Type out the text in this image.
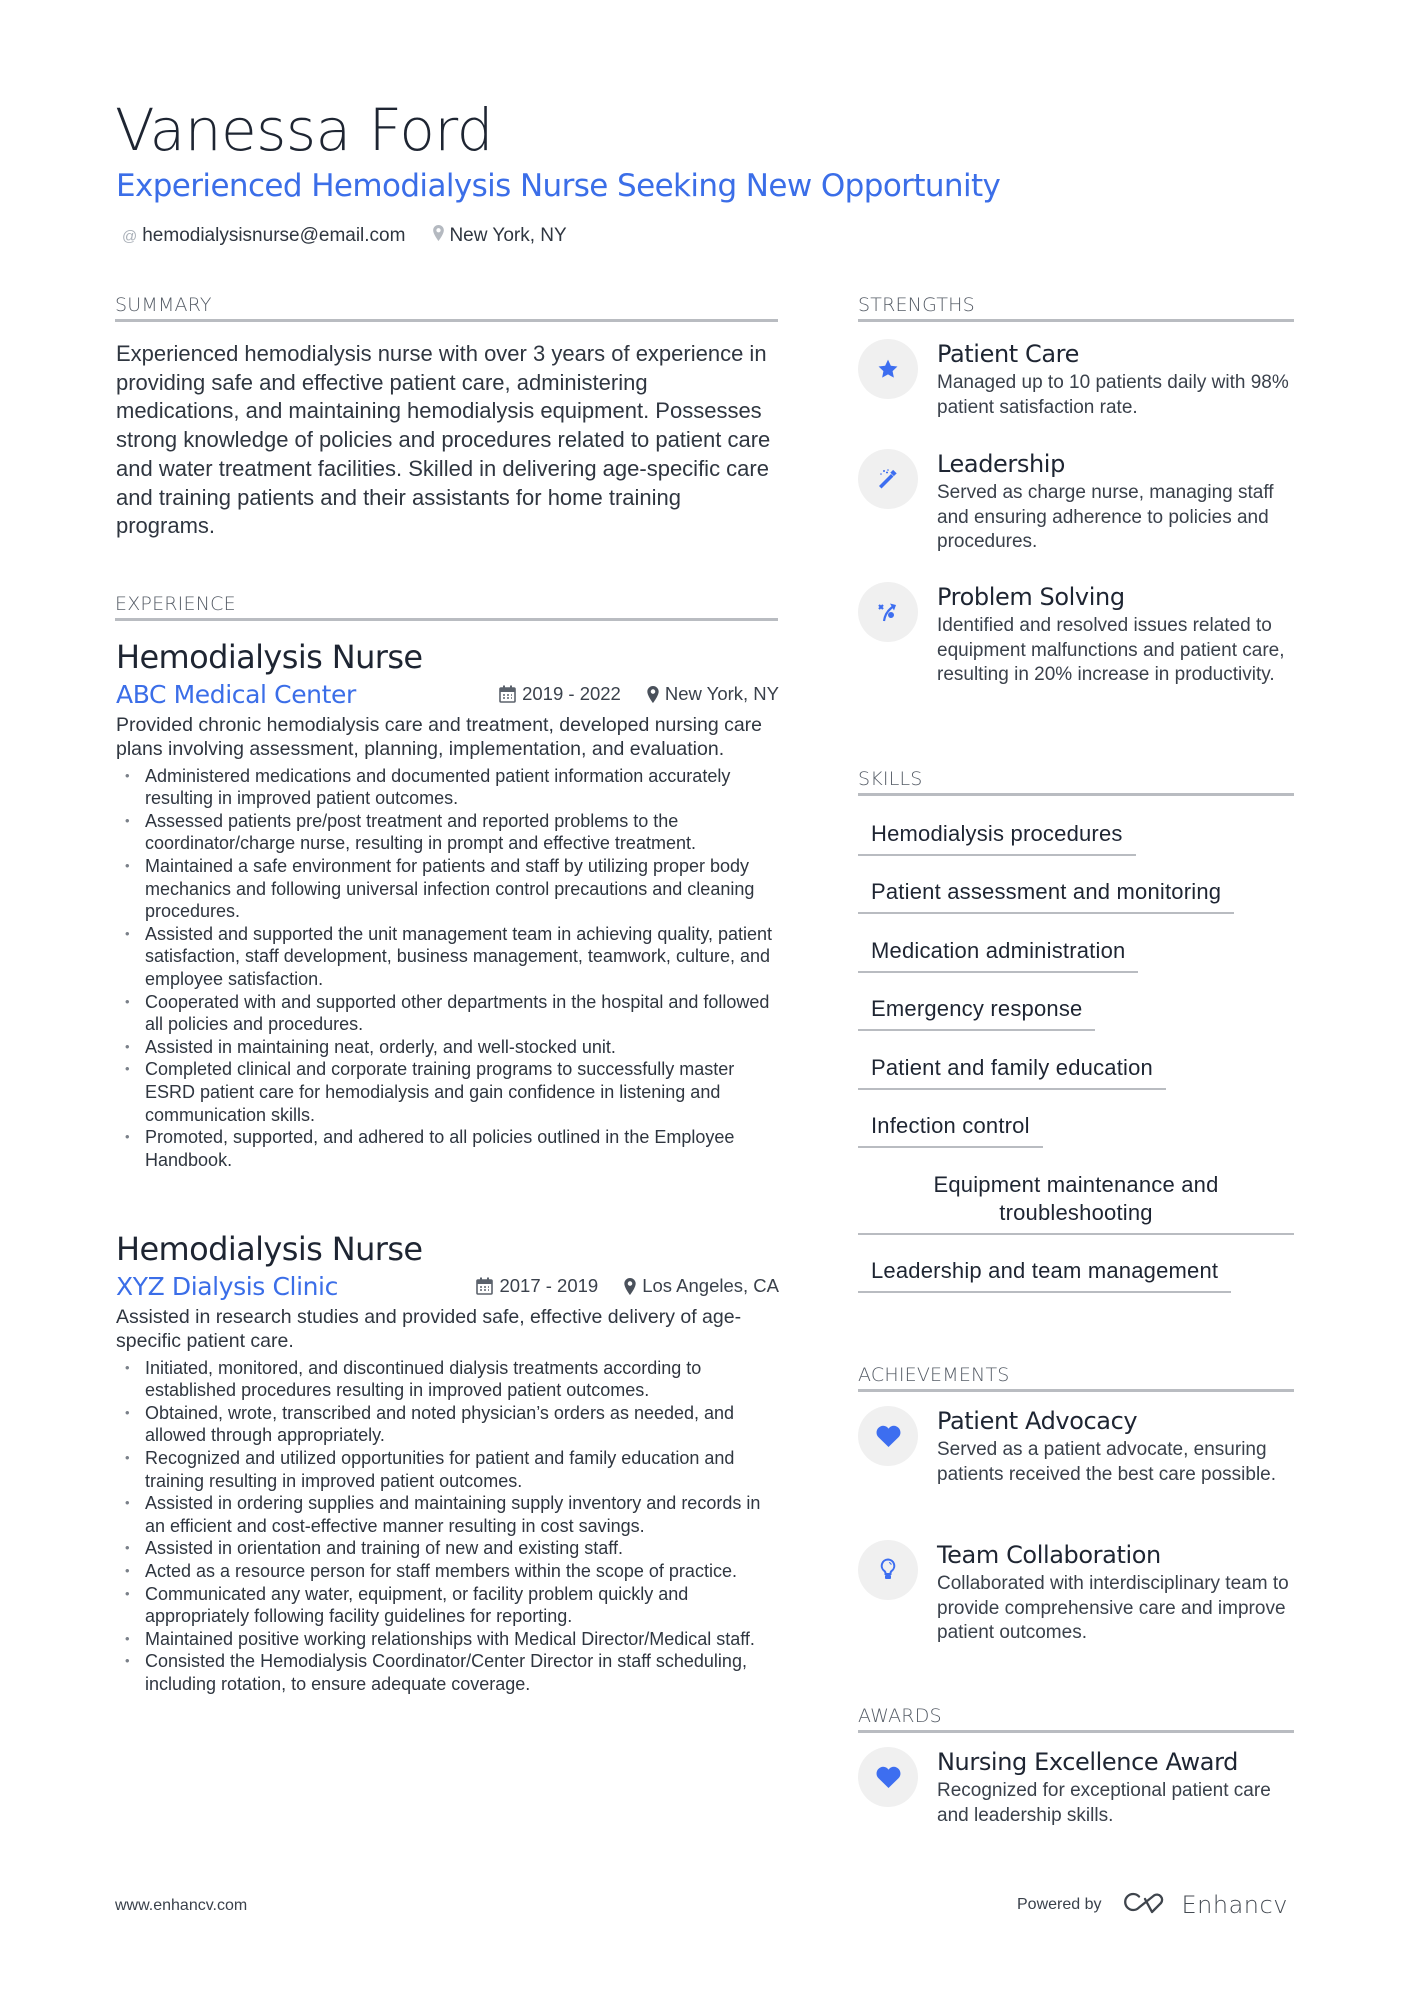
Vanessa Ford
Experienced Hemodialysis Nurse Seeking New Opportunity
@ hemodialysisnurse@email.com New York, NY
SUMMARY
Experienced hemodialysis nurse with over 3 years of experience in providing safe and effective patient care, administering medications, and maintaining hemodialysis equipment. Possesses strong knowledge of policies and procedures related to patient care and water treatment facilities. Skilled in delivering age-specific care and training patients and their assistants for home training programs.
EXPERIENCE
Hemodialysis Nurse
ABC Medical Center	2019 - 2022 New York, NY
Provided chronic hemodialysis care and treatment, developed nursing care plans involving assessment, planning, implementation, and evaluation.
• Administered medications and documented patient information accurately resulting in improved patient outcomes.
• Assessed patients pre/post treatment and reported problems to the coordinator/charge nurse, resulting in prompt and effective treatment.
• Maintained a safe environment for patients and staff by utilizing proper body mechanics and following universal infection control precautions and cleaning procedures.
• Assisted and supported the unit management team in achieving quality, patient satisfaction, staff development, business management, teamwork, culture, and employee satisfaction.
• Cooperated with and supported other departments in the hospital and followed all policies and procedures.
• Assisted in maintaining neat, orderly, and well-stocked unit.
• Completed clinical and corporate training programs to successfully master ESRD patient care for hemodialysis and gain confidence in listening and communication skills.
• Promoted, supported, and adhered to all policies outlined in the Employee Handbook.
Hemodialysis Nurse
XYZ Dialysis Clinic	2017 - 2019 Los Angeles, CA
Assisted in research studies and provided safe, effective delivery of age-specific patient care.
• Initiated, monitored, and discontinued dialysis treatments according to established procedures resulting in improved patient outcomes.
• Obtained, wrote, transcribed and noted physician’s orders as needed, and allowed through appropriately.
• Recognized and utilized opportunities for patient and family education and training resulting in improved patient outcomes.
• Assisted in ordering supplies and maintaining supply inventory and records in an efficient and cost-effective manner resulting in cost savings.
• Assisted in orientation and training of new and existing staff.
• Acted as a resource person for staff members within the scope of practice.
• Communicated any water, equipment, or facility problem quickly and appropriately following facility guidelines for reporting.
• Maintained positive working relationships with Medical Director/Medical staff.
• Consisted the Hemodialysis Coordinator/Center Director in staff scheduling, including rotation, to ensure adequate coverage.
STRENGTHS
Patient Care
Managed up to 10 patients daily with 98% patient satisfaction rate.
Leadership
Served as charge nurse, managing staff and ensuring adherence to policies and procedures.
Problem Solving
Identified and resolved issues related to equipment malfunctions and patient care, resulting in 20% increase in productivity.
SKILLS
Hemodialysis procedures
Patient assessment and monitoring
Medication administration
Emergency response
Patient and family education
Infection control
Equipment maintenance and troubleshooting
Leadership and team management
ACHIEVEMENTS
Patient Advocacy
Served as a patient advocate, ensuring patients received the best care possible.
Team Collaboration
Collaborated with interdisciplinary team to provide comprehensive care and improve patient outcomes.
AWARDS
Nursing Excellence Award
Recognized for exceptional patient care and leadership skills.
www.enhancv.com	Powered by	Enhancv
